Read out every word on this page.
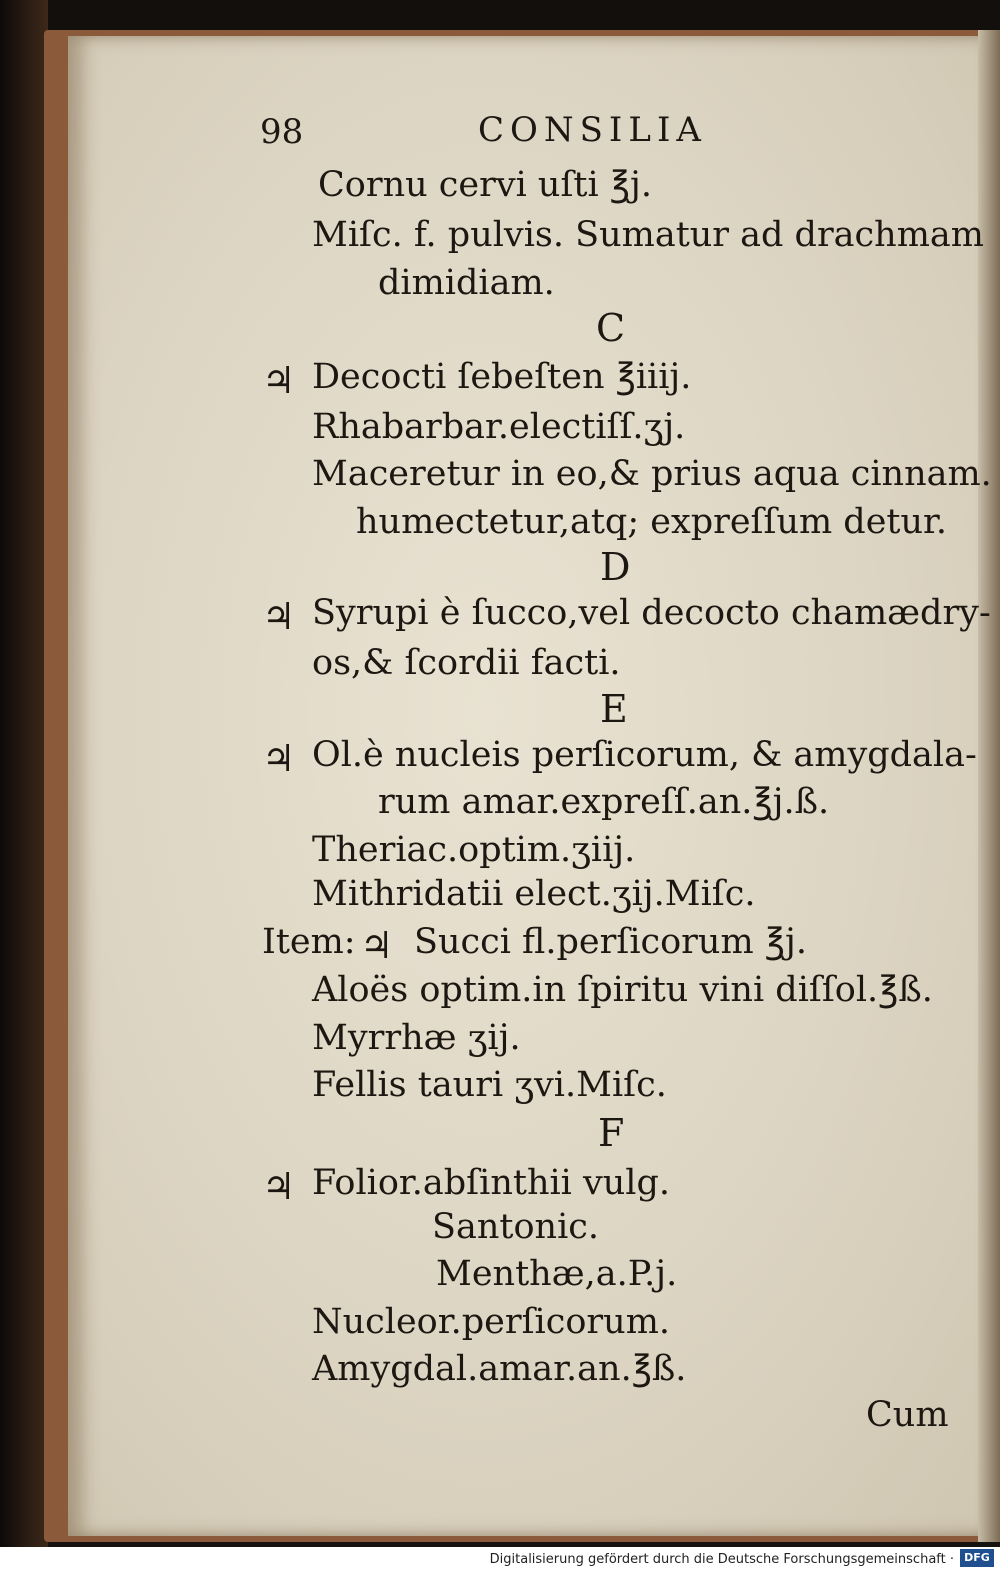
98	CONSILIA
Cornu cervi uſti ℥j.
Miſc. f. pulvis. Sumatur ad drachmam
dimidiam.
C
♃ Decocti ſebeſten ℥iiij.
Rhabarbar.electiſſ.ʒj.
Maceretur in eo,& prius aqua cinnam.
humectetur,atq; expreſſum detur.
D
♃ Syrupi è ſucco,vel decocto chamædry-
os,& ſcordii facti.
E
♃ Ol.è nucleis perſicorum, & amygdala-
rum amar.expreſſ.an.℥j.ß.
Theriac.optim.ʒiij.
Mithridatii elect.ʒij.Miſc.
Item: ♃ Succi fl.perſicorum ℥j.
Aloës optim.in ſpiritu vini diſſol.℥ß.
Myrrhæ ʒij.
Fellis tauri ʒvi.Miſc.
F
♃ Folior.abſinthii vulg.
Santonic.
Menthæ,a.P.j.
Nucleor.perſicorum.
Amygdal.amar.an.℥ß.
Cum
Digitalisierung gefördert durch die Deutsche Forschungsgemeinschaft · DFG
